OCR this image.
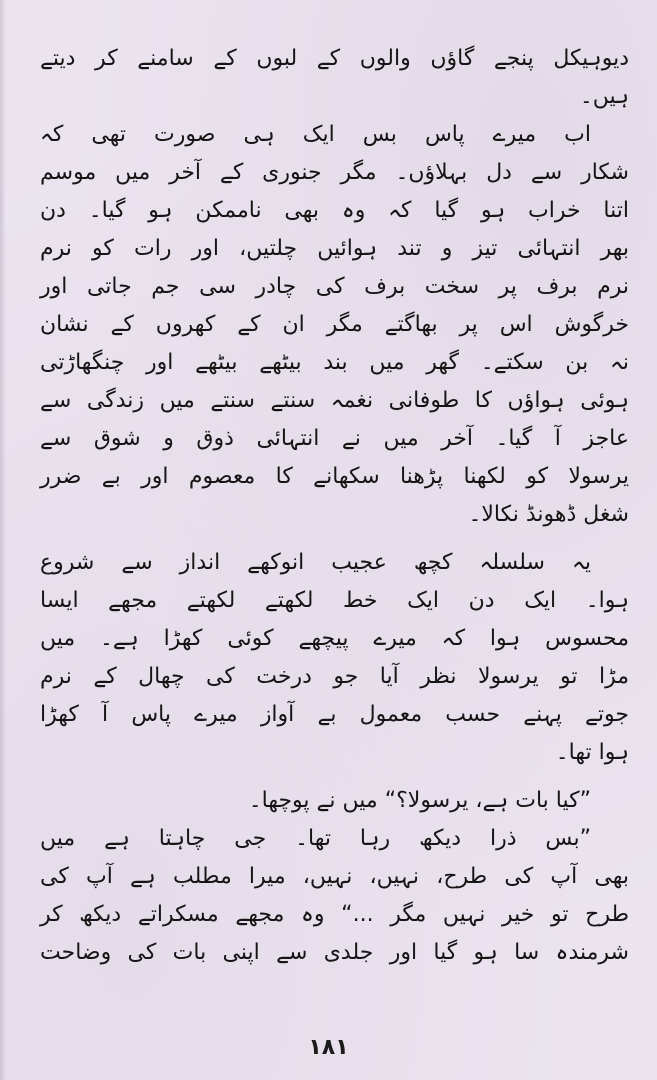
دیوہیکل پنجے گاؤں والوں کے لبوں کے سامنے کر دیتے
ہیں۔
اب میرے پاس بس ایک ہی صورت تھی کہ
شکار سے دل بہلاؤں۔ مگر جنوری کے آخر میں موسم
اتنا خراب ہو گیا کہ وہ بھی ناممکن ہو گیا۔ دن
بھر انتہائی تیز و تند ہوائیں چلتیں، اور رات کو نرم
نرم برف پر سخت برف کی چادر سی جم جاتی اور
خرگوش اس پر بھاگتے مگر ان کے کھروں کے نشان
نہ بن سکتے۔ گھر میں بند بیٹھے بیٹھے اور چنگھاڑتی
ہوئی ہواؤں کا طوفانی نغمہ سنتے سنتے میں زندگی سے
عاجز آ گیا۔ آخر میں نے انتہائی ذوق و شوق سے
یرسولا کو لکھنا پڑھنا سکھانے کا معصوم اور بے ضرر
شغل ڈھونڈ نکالا۔
یہ سلسلہ کچھ عجیب انوکھے انداز سے شروع
ہوا۔ ایک دن ایک خط لکھتے لکھتے مجھے ایسا
محسوس ہوا کہ میرے پیچھے کوئی کھڑا ہے۔ میں
مڑا تو یرسولا نظر آیا جو درخت کی چھال کے نرم
جوتے پہنے حسب معمول بے آواز میرے پاس آ کھڑا
ہوا تھا۔
”کیا بات ہے، یرسولا؟“ میں نے پوچھا۔
”بس ذرا دیکھ رہا تھا۔ جی چاہتا ہے میں
بھی آپ کی طرح، نہیں، نہیں، میرا مطلب ہے آپ کی
طرح تو خیر نہیں مگر ...“ وہ مجھے مسکراتے دیکھ کر
شرمندہ سا ہو گیا اور جلدی سے اپنی بات کی وضاحت
١٨١
